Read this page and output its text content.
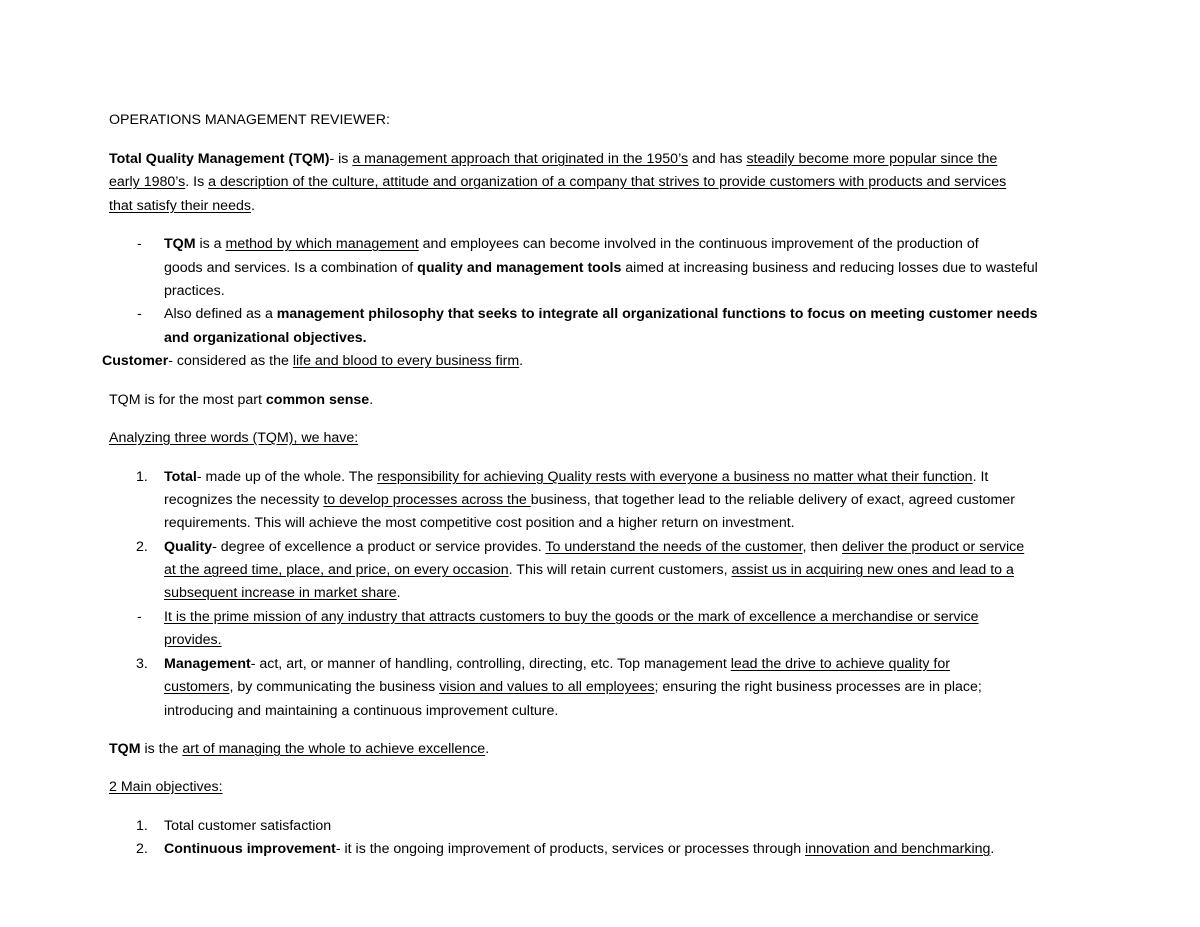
OPERATIONS MANAGEMENT REVIEWER:
Total Quality Management (TQM)- is a management approach that originated in the 1950’s and has steadily become more popular since the
early 1980’s. Is a description of the culture, attitude and organization of a company that strives to provide customers with products and services
that satisfy their needs.
- TQM is a method by which management and employees can become involved in the continuous improvement of the production of
goods and services. Is a combination of quality and management tools aimed at increasing business and reducing losses due to wasteful
practices.
- Also defined as a management philosophy that seeks to integrate all organizational functions to focus on meeting customer needs
and organizational objectives.
Customer- considered as the life and blood to every business firm.
TQM is for the most part common sense.
Analyzing three words (TQM), we have:
1. Total- made up of the whole. The responsibility for achieving Quality rests with everyone a business no matter what their function. It
recognizes the necessity to develop processes across the business, that together lead to the reliable delivery of exact, agreed customer
requirements. This will achieve the most competitive cost position and a higher return on investment.
2. Quality- degree of excellence a product or service provides. To understand the needs of the customer, then deliver the product or service
at the agreed time, place, and price, on every occasion. This will retain current customers, assist us in acquiring new ones and lead to a
subsequent increase in market share.
- It is the prime mission of any industry that attracts customers to buy the goods or the mark of excellence a merchandise or service
provides.
3. Management- act, art, or manner of handling, controlling, directing, etc. Top management lead the drive to achieve quality for
customers, by communicating the business vision and values to all employees; ensuring the right business processes are in place;
introducing and maintaining a continuous improvement culture.
TQM is the art of managing the whole to achieve excellence.
2 Main objectives:
1. Total customer satisfaction
2. Continuous improvement- it is the ongoing improvement of products, services or processes through innovation and benchmarking.
